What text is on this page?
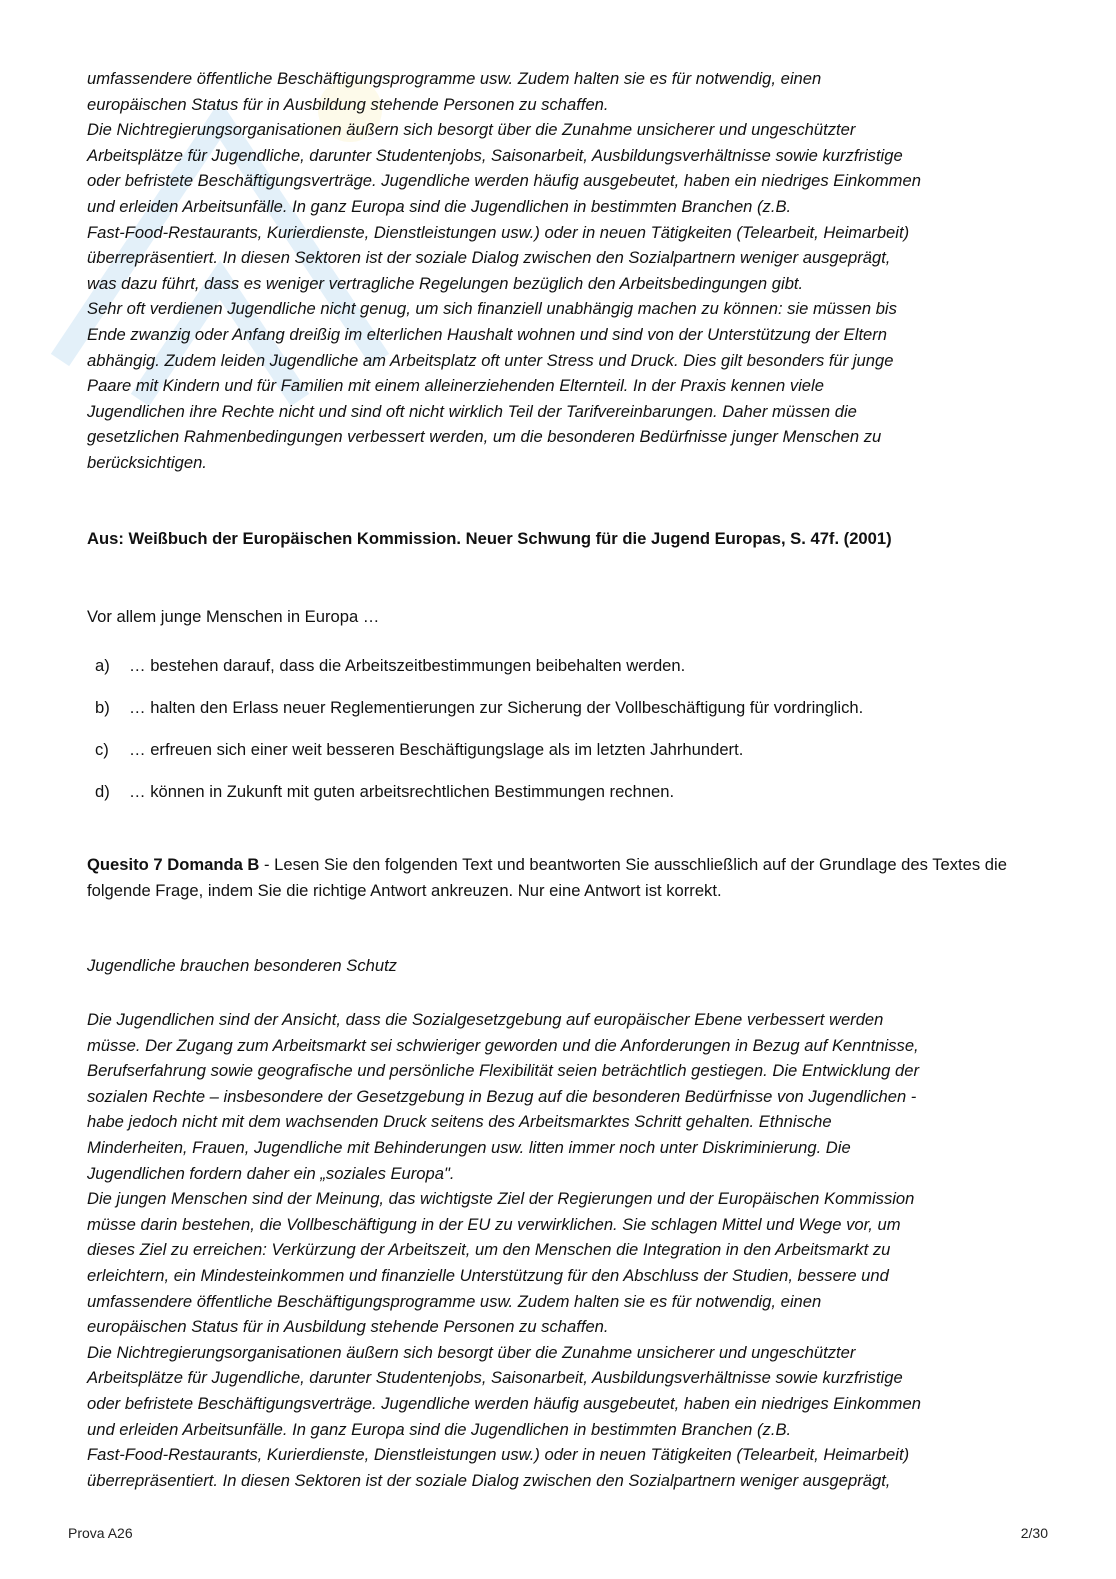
umfassendere öffentliche Beschäftigungsprogramme usw. Zudem halten sie es für notwendig, einen
europäischen Status für in Ausbildung stehende Personen zu schaffen.
Die Nichtregierungsorganisationen äußern sich besorgt über die Zunahme unsicherer und ungeschützter
Arbeitsplätze für Jugendliche, darunter Studentenjobs, Saisonarbeit, Ausbildungsverhältnisse sowie kurzfristige
oder befristete Beschäftigungsverträge. Jugendliche werden häufig ausgebeutet, haben ein niedriges Einkommen
und erleiden Arbeitsunfälle. In ganz Europa sind die Jugendlichen in bestimmten Branchen (z.B.
Fast-Food-Restaurants, Kurierdienste, Dienstleistungen usw.) oder in neuen Tätigkeiten (Telearbeit, Heimarbeit)
überrepräsentiert. In diesen Sektoren ist der soziale Dialog zwischen den Sozialpartnern weniger ausgeprägt,
was dazu führt, dass es weniger vertragliche Regelungen bezüglich den Arbeitsbedingungen gibt.
Sehr oft verdienen Jugendliche nicht genug, um sich finanziell unabhängig machen zu können: sie müssen bis
Ende zwanzig oder Anfang dreißig im elterlichen Haushalt wohnen und sind von der Unterstützung der Eltern
abhängig. Zudem leiden Jugendliche am Arbeitsplatz oft unter Stress und Druck. Dies gilt besonders für junge
Paare mit Kindern und für Familien mit einem alleinerziehenden Elternteil. In der Praxis kennen viele
Jugendlichen ihre Rechte nicht und sind oft nicht wirklich Teil der Tarifvereinbarungen. Daher müssen die
gesetzlichen Rahmenbedingungen verbessert werden, um die besonderen Bedürfnisse junger Menschen zu
berücksichtigen.

Aus: Weißbuch der Europäischen Kommission. Neuer Schwung für die Jugend Europas, S. 47f. (2001)

Vor allem junge Menschen in Europa …

a)	… bestehen darauf, dass die Arbeitszeitbestimmungen beibehalten werden.
b)	… halten den Erlass neuer Reglementierungen zur Sicherung der Vollbeschäftigung für vordringlich.
c)	… erfreuen sich einer weit besseren Beschäftigungslage als im letzten Jahrhundert.
d)	… können in Zukunft mit guten arbeitsrechtlichen Bestimmungen rechnen.

Quesito 7 Domanda B - Lesen Sie den folgenden Text und beantworten Sie ausschließlich auf der Grundlage des Textes die folgende Frage, indem Sie die richtige Antwort ankreuzen. Nur eine Antwort ist korrekt.

Jugendliche brauchen besonderen Schutz

Die Jugendlichen sind der Ansicht, dass die Sozialgesetzgebung auf europäischer Ebene verbessert werden
müsse. Der Zugang zum Arbeitsmarkt sei schwieriger geworden und die Anforderungen in Bezug auf Kenntnisse,
Berufserfahrung sowie geografische und persönliche Flexibilität seien beträchtlich gestiegen. Die Entwicklung der
sozialen Rechte – insbesondere der Gesetzgebung in Bezug auf die besonderen Bedürfnisse von Jugendlichen -
habe jedoch nicht mit dem wachsenden Druck seitens des Arbeitsmarktes Schritt gehalten. Ethnische
Minderheiten, Frauen, Jugendliche mit Behinderungen usw. litten immer noch unter Diskriminierung. Die
Jugendlichen fordern daher ein „soziales Europa".
Die jungen Menschen sind der Meinung, das wichtigste Ziel der Regierungen und der Europäischen Kommission
müsse darin bestehen, die Vollbeschäftigung in der EU zu verwirklichen. Sie schlagen Mittel und Wege vor, um
dieses Ziel zu erreichen: Verkürzung der Arbeitszeit, um den Menschen die Integration in den Arbeitsmarkt zu
erleichtern, ein Mindesteinkommen und finanzielle Unterstützung für den Abschluss der Studien, bessere und
umfassendere öffentliche Beschäftigungsprogramme usw. Zudem halten sie es für notwendig, einen
europäischen Status für in Ausbildung stehende Personen zu schaffen.
Die Nichtregierungsorganisationen äußern sich besorgt über die Zunahme unsicherer und ungeschützter
Arbeitsplätze für Jugendliche, darunter Studentenjobs, Saisonarbeit, Ausbildungsverhältnisse sowie kurzfristige
oder befristete Beschäftigungsverträge. Jugendliche werden häufig ausgebeutet, haben ein niedriges Einkommen
und erleiden Arbeitsunfälle. In ganz Europa sind die Jugendlichen in bestimmten Branchen (z.B.
Fast-Food-Restaurants, Kurierdienste, Dienstleistungen usw.) oder in neuen Tätigkeiten (Telearbeit, Heimarbeit)
überrepräsentiert. In diesen Sektoren ist der soziale Dialog zwischen den Sozialpartnern weniger ausgeprägt,

Prova A26	2/30
